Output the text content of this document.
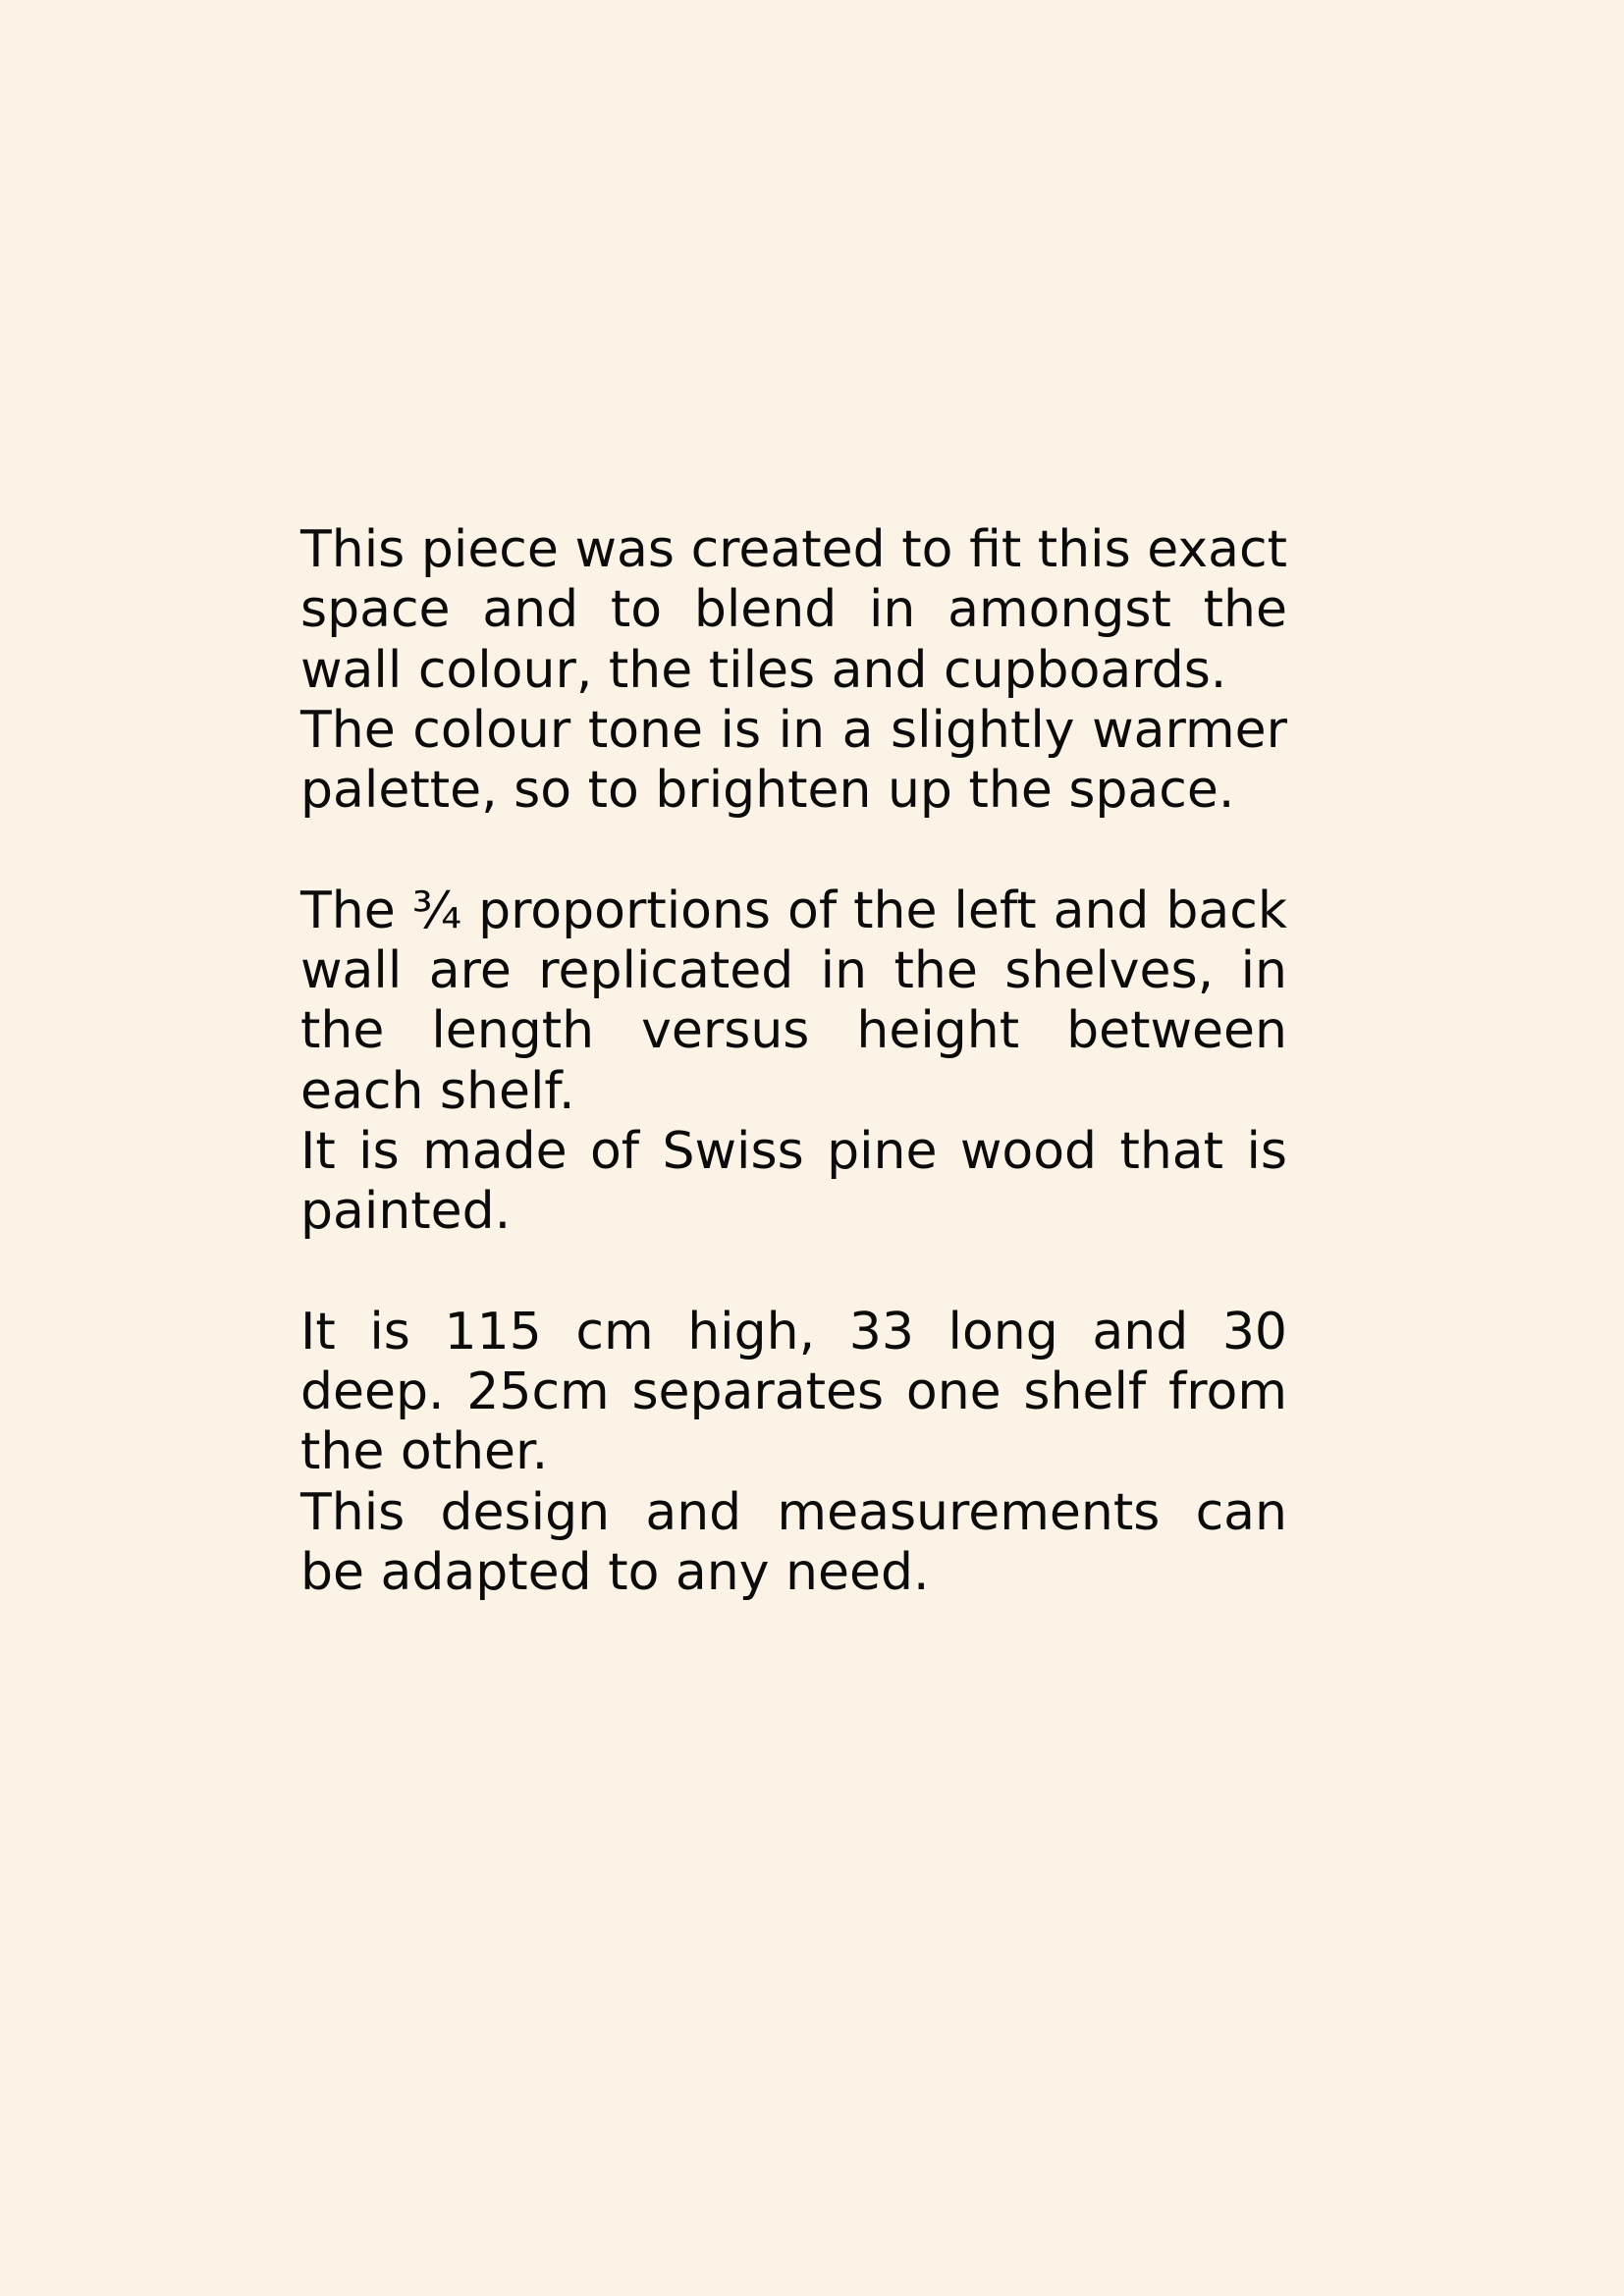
This piece was created to fit this exact space and to blend in amongst the wall colour, the tiles and cupboards.

The colour tone is in a slightly warmer palette, so to brighten up the space.

The ¾ proportions of the left and back wall are replicated in the shelves, in the length versus height between each shelf.

It is made of Swiss pine wood that is painted.

It is 115 cm high, 33 long and 30 deep. 25cm separates one shelf from the other.

This design and measurements can be adapted to any need.
